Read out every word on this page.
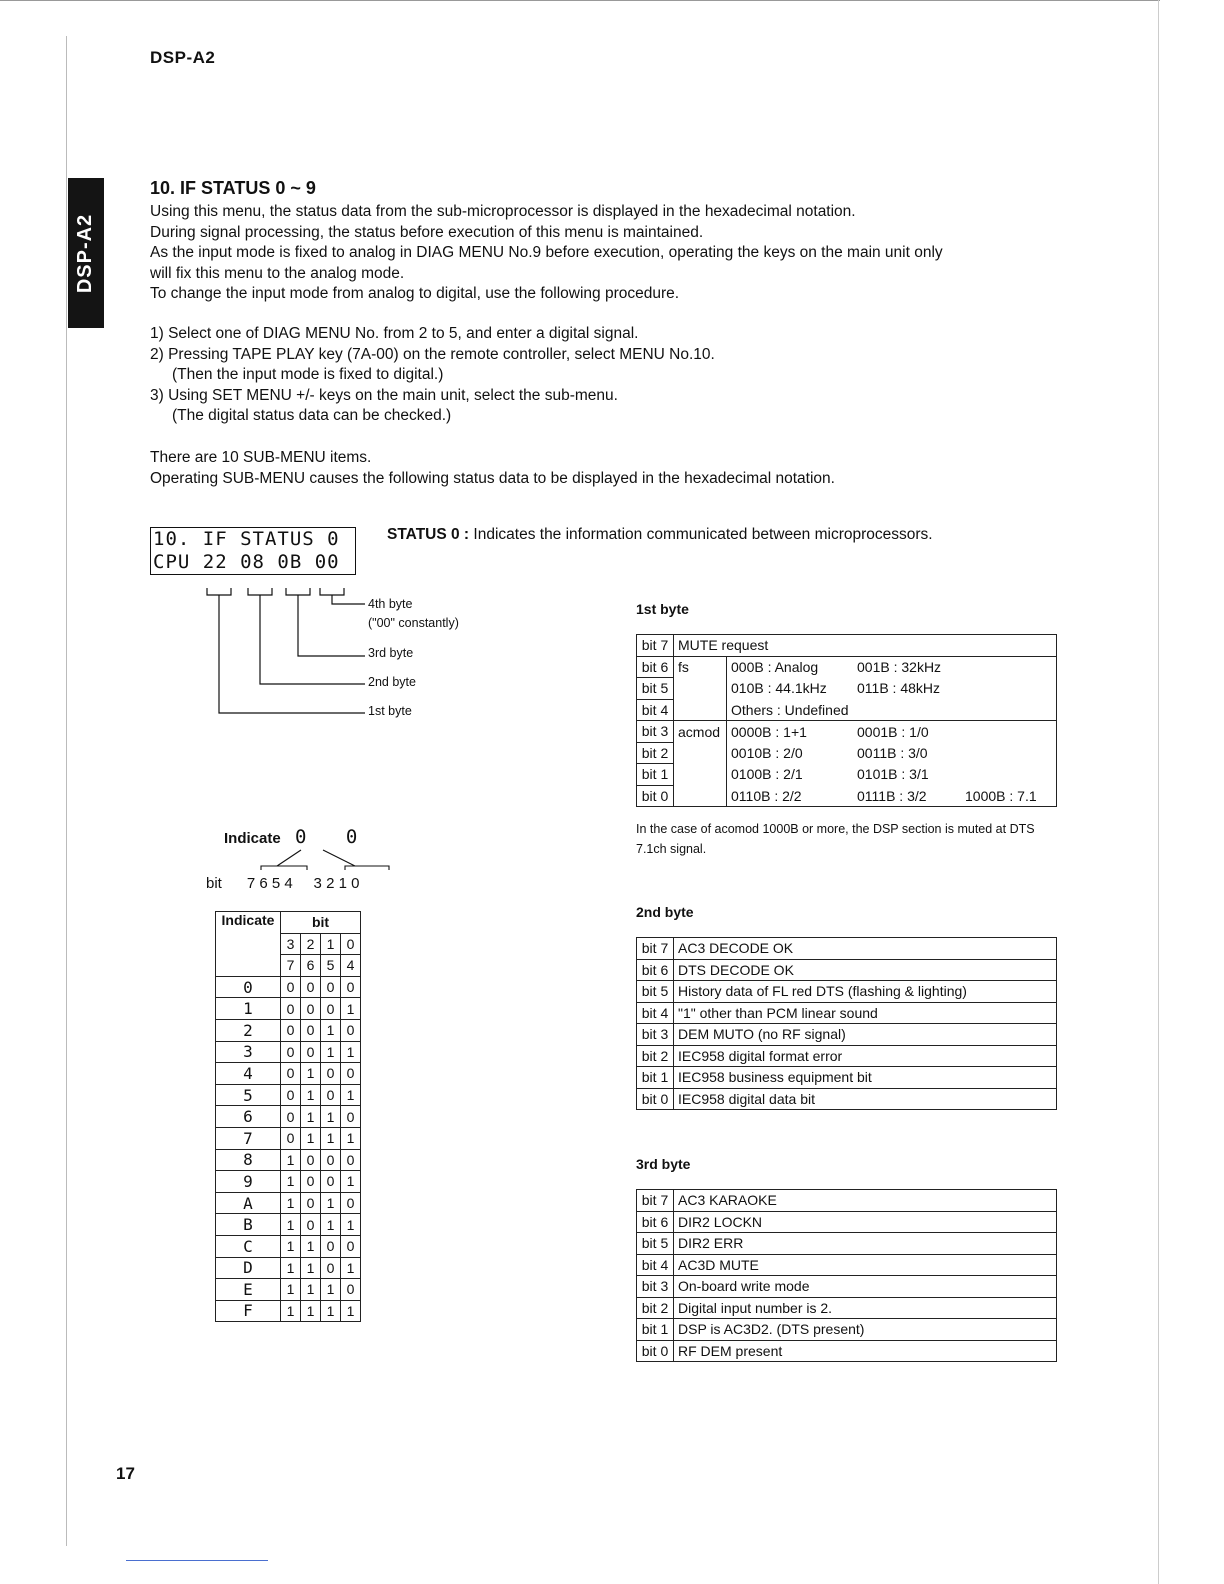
DSP-A2
DSP-A2
17
10. IF STATUS 0 ~ 9
Using this menu, the status data from the sub-microprocessor is displayed in the hexadecimal notation.
During signal processing, the status before execution of this menu is maintained.
As the input mode is fixed to analog in DIAG MENU No.9 before execution, operating the keys on the main unit only
will fix this menu to the analog mode.
To change the input mode from analog to digital, use the following procedure.
1) Select one of DIAG MENU No. from 2 to 5, and enter a digital signal.
2) Pressing TAPE PLAY key (7A-00) on the remote controller, select MENU No.10.
(Then the input mode is fixed to digital.)
3) Using SET MENU +/- keys on the main unit, select the sub-menu.
(The digital status data can be checked.)
There are 10 SUB-MENU items.
Operating SUB-MENU causes the following status data to be displayed in the hexadecimal notation.
10. IF STATUS 0
CPU 22 08 0B 00
STATUS 0 : Indicates the information communicated between microprocessors.
4th byte
("00" constantly)
3rd byte
2nd byte
1st byte
1st byte
bit 7	MUTE request			
bit 6	fs	000B : Analog	001B : 32kHz	
bit 5		010B : 44.1kHz	011B : 48kHz	
bit 4		Others : Undefined		
bit 3	acmod	0000B : 1+1	0001B : 1/0	
bit 2		0010B : 2/0	0011B : 3/0	
bit 1		0100B : 2/1	0101B : 3/1	
bit 0		0110B : 2/2	0111B : 3/2	1000B : 7.1
In the case of acomod 1000B or more, the DSP section is muted at DTS
7.1ch signal.
2nd byte
bit 7	AC3 DECODE OK
bit 6	DTS DECODE OK
bit 5	History data of FL red DTS (flashing & lighting)
bit 4	"1" other than PCM linear sound
bit 3	DEM MUTO (no RF signal)
bit 2	IEC958 digital format error
bit 1	IEC958 business equipment bit
bit 0	IEC958 digital data bit
3rd byte
bit 7	AC3 KARAOKE
bit 6	DIR2 LOCKN
bit 5	DIR2 ERR
bit 4	AC3D MUTE
bit 3	On-board write mode
bit 2	Digital input number is 2.
bit 1	DSP is AC3D2. (DTS present)
bit 0	RF DEM present
Indicate 0 0
bit      7 6 5 4     3 2 1 0
Indicate	bit			
	3	2	1	0
	7	6	5	4
0	0	0	0	0
1	0	0	0	1
2	0	0	1	0
3	0	0	1	1
4	0	1	0	0
5	0	1	0	1
6	0	1	1	0
7	0	1	1	1
8	1	0	0	0
9	1	0	0	1
A	1	0	1	0
B	1	0	1	1
C	1	1	0	0
D	1	1	0	1
E	1	1	1	0
F	1	1	1	1
